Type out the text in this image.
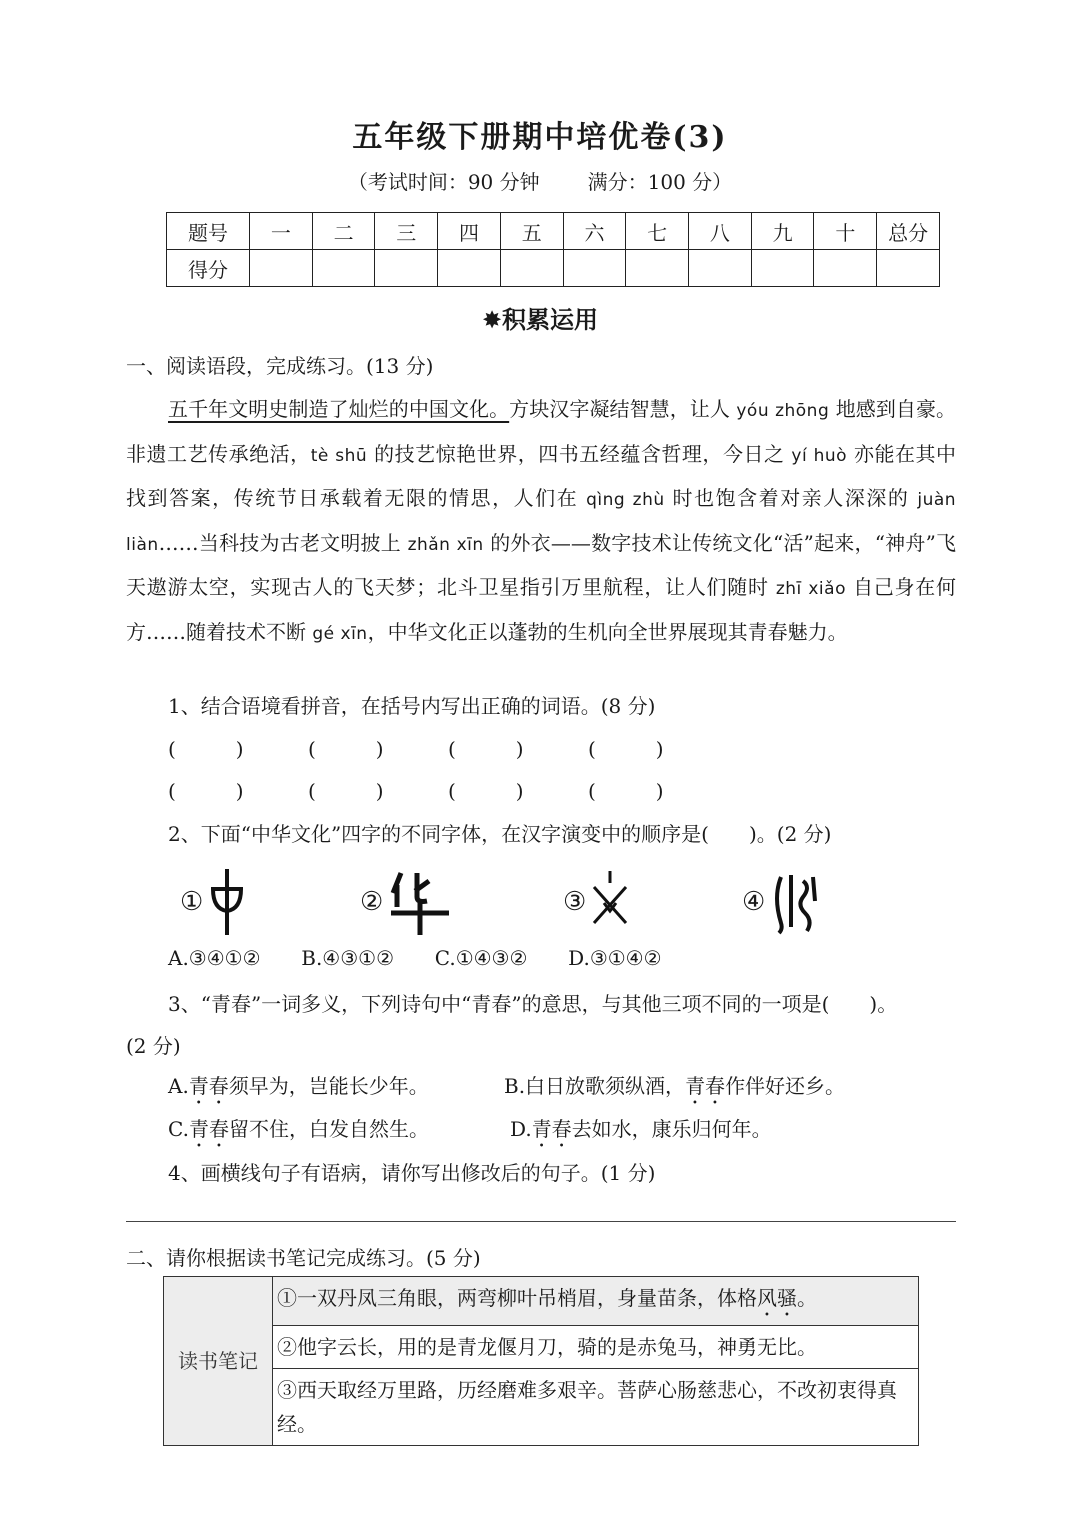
五年级下册期中培优卷(3)
（考试时间：90 分钟 满分：100 分）
题号	一	二	三	四	五	六	七	八	九	十	总分
得分											
✸积累运用
一、阅读语段，完成练习。(13 分)
五千年文明史制造了灿烂的中国文化。方块汉字凝结智慧，让人 yóu zhōng 地感到自豪。非遗工艺传承绝活，tè shū 的技艺惊艳世界，四书五经蕴含哲理，今日之 yí huò 亦能在其中找到答案，传统节日承载着无限的情思，人们在 qìng zhù 时也饱含着对亲人深深的 juàn liàn……当科技为古老文明披上 zhǎn xīn 的外衣——数字技术让传统文化“活”起来，“神舟”飞天遨游太空，实现古人的飞天梦；北斗卫星指引万里航程，让人们随时 zhī xiǎo 自己身在何方……随着技术不断 gé xīn，中华文化正以蓬勃的生机向全世界展现其青春魅力。
1、结合语境看拼音，在括号内写出正确的词语。(8 分)
(　　　)	(　　　)	(　　　)	(　　　)
(　　　)	(　　　)	(　　　)	(　　　)
2、下面“中华文化”四字的不同字体，在汉字演变中的顺序是(　　)。(2 分)
①	②	③	④
A.③④①② B.④③①② C.①④③② D.③①④②
3、“青春”一词多义，下列诗句中“青春”的意思，与其他三项不同的一项是(　　)。
(2 分)
A.青春须早为，岂能长少年。	B.白日放歌须纵酒，青春作伴好还乡。
C.青春留不住，白发自然生。	D.青春去如水，康乐归何年。
4、画横线句子有语病，请你写出修改后的句子。(1 分)
二、请你根据读书笔记完成练习。(5 分)
读书笔记	①一双丹凤三角眼，两弯柳叶吊梢眉，身量苗条，体格风骚。
②他字云长，用的是青龙偃月刀，骑的是赤兔马，神勇无比。
③西天取经万里路，历经磨难多艰辛。菩萨心肠慈悲心，不改初衷得真经。
